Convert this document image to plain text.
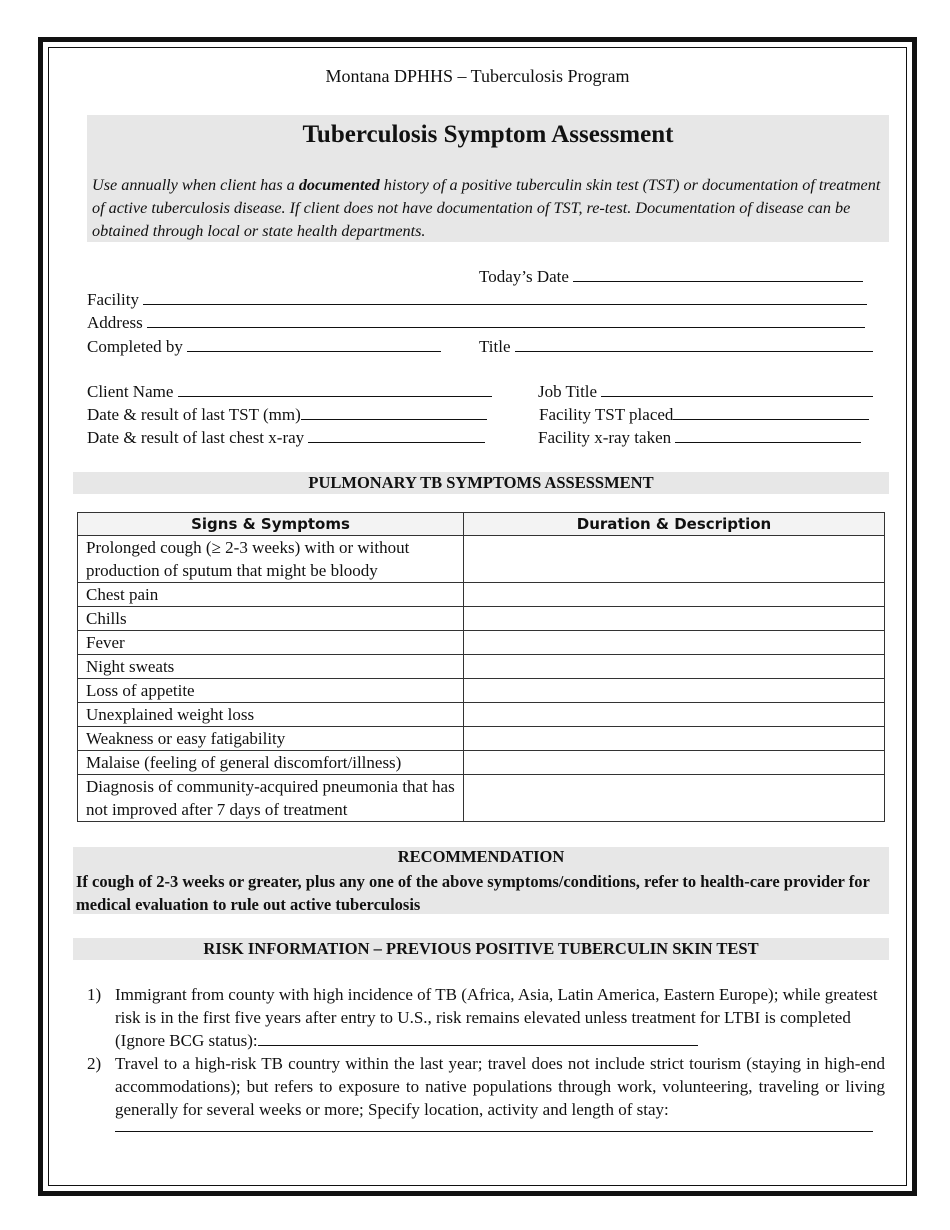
Montana DPHHS – Tuberculosis Program
Tuberculosis Symptom Assessment
Use annually when client has a documented history of a positive tuberculin skin test (TST) or documentation of treatment of active tuberculosis disease. If client does not have documentation of TST, re-test. Documentation of disease can be obtained through local or state health departments.
Today’s Date
Facility
Address
Completed by	Title
Client Name	Job Title
Date & result of last TST (mm)	Facility TST placed
Date & result of last chest x-ray	Facility x-ray taken
PULMONARY TB SYMPTOMS ASSESSMENT
Signs & Symptoms	Duration & Description
Prolonged cough (≥ 2-3 weeks) with or without production of sputum that might be bloody	
Chest pain	
Chills	
Fever	
Night sweats	
Loss of appetite	
Unexplained weight loss	
Weakness or easy fatigability	
Malaise (feeling of general discomfort/illness)	
Diagnosis of community-acquired pneumonia that has not improved after 7 days of treatment	
RECOMMENDATION
If cough of 2-3 weeks or greater, plus any one of the above symptoms/conditions, refer to health-care provider for medical evaluation to rule out active tuberculosis
RISK INFORMATION – PREVIOUS POSITIVE TUBERCULIN SKIN TEST
1) Immigrant from county with high incidence of TB (Africa, Asia, Latin America, Eastern Europe); while greatest risk is in the first five years after entry to U.S., risk remains elevated unless treatment for LTBI is completed (Ignore BCG status):
2) Travel to a high-risk TB country within the last year; travel does not include strict tourism (staying in high-end accommodations); but refers to exposure to native populations through work, volunteering, traveling or living generally for several weeks or more; Specify location, activity and length of stay:
